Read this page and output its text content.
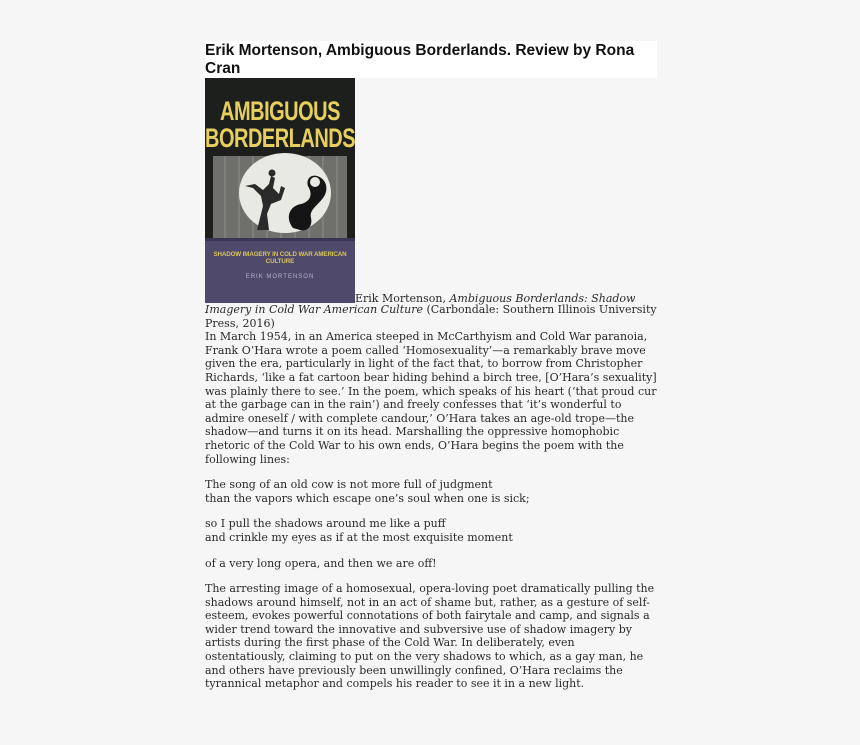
Erik Mortenson, Ambiguous Borderlands. Review by Rona Cran
AMBIGUOUS
BORDERLANDS
SHADOW IMAGERY IN COLD WAR AMERICAN CULTURE
ERIK MORTENSON

Erik Mortenson, Ambiguous Borderlands: Shadow

Imagery in Cold War American Culture (Carbondale: Southern Illinois University Press, 2016)

In March 1954, in an America steeped in McCarthyism and Cold War paranoia, Frank O’Hara wrote a poem called ‘Homosexuality’—a remarkably brave move given the era, particularly in light of the fact that, to borrow from Christopher Richards, ‘like a fat cartoon bear hiding behind a birch tree, [O’Hara’s sexuality] was plainly there to see.’ In the poem, which speaks of his heart (‘that proud cur at the garbage can in the rain’) and freely confesses that ‘it’s wonderful to admire oneself / with complete candour,’ O’Hara takes an age-old trope—the shadow—and turns it on its head. Marshalling the oppressive homophobic rhetoric of the Cold War to his own ends, O’Hara begins the poem with the following lines:

The song of an old cow is not more full of judgment

than the vapors which escape one’s soul when one is sick;

so I pull the shadows around me like a puff

and crinkle my eyes as if at the most exquisite moment

of a very long opera, and then we are off!

The arresting image of a homosexual, opera-loving poet dramatically pulling the shadows around himself, not in an act of shame but, rather, as a gesture of self-esteem, evokes powerful connotations of both fairytale and camp, and signals a wider trend toward the innovative and subversive use of shadow imagery by artists during the first phase of the Cold War. In deliberately, even ostentatiously, claiming to put on the very shadows to which, as a gay man, he and others have previously been unwillingly confined, O’Hara reclaims the tyrannical metaphor and compels his reader to see it in a new light.
